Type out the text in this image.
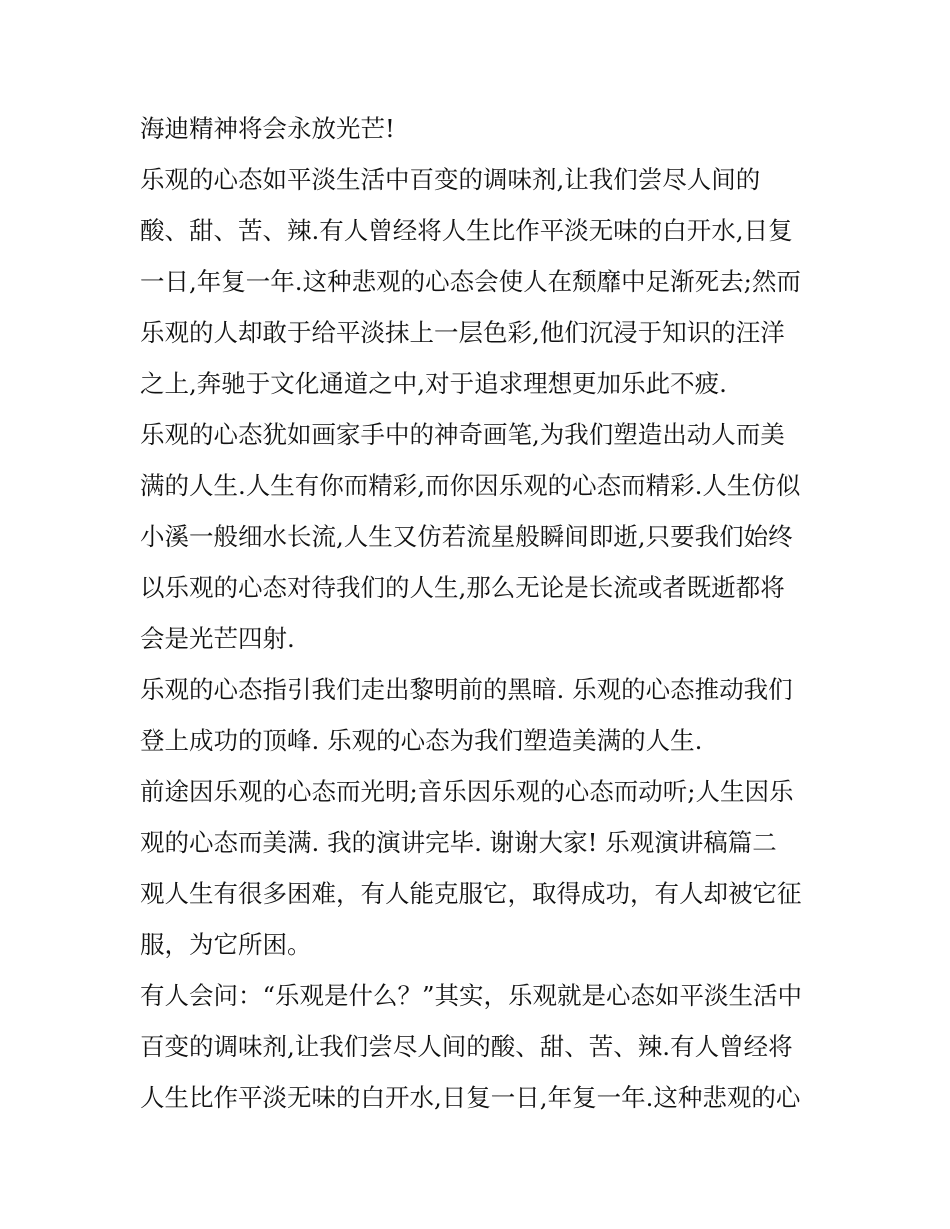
海迪精神将会永放光芒!

乐观的心态如平淡生活中百变的调味剂,让我们尝尽人间的

酸、甜、苦、辣.有人曾经将人生比作平淡无味的白开水,日复

一日,年复一年.这种悲观的心态会使人在颓靡中足渐死去;然而

乐观的人却敢于给平淡抹上一层色彩,他们沉浸于知识的汪洋

之上,奔驰于文化通道之中,对于追求理想更加乐此不疲.

乐观的心态犹如画家手中的神奇画笔,为我们塑造出动人而美

满的人生.人生有你而精彩,而你因乐观的心态而精彩.人生仿似

小溪一般细水长流,人生又仿若流星般瞬间即逝,只要我们始终

以乐观的心态对待我们的人生,那么无论是长流或者既逝都将

会是光芒四射.

乐观的心态指引我们走出黎明前的黑暗. 乐观的心态推动我们

登上成功的顶峰. 乐观的心态为我们塑造美满的人生.

前途因乐观的心态而光明;音乐因乐观的心态而动听;人生因乐

观的心态而美满. 我的演讲完毕. 谢谢大家! 乐观演讲稿篇二

观人生有很多困难，有人能克服它，取得成功，有人却被它征

服，为它所困。

有人会问：“乐观是什么？”其实，乐观就是心态如平淡生活中

百变的调味剂,让我们尝尽人间的酸、甜、苦、辣.有人曾经将

人生比作平淡无味的白开水,日复一日,年复一年.这种悲观的心
